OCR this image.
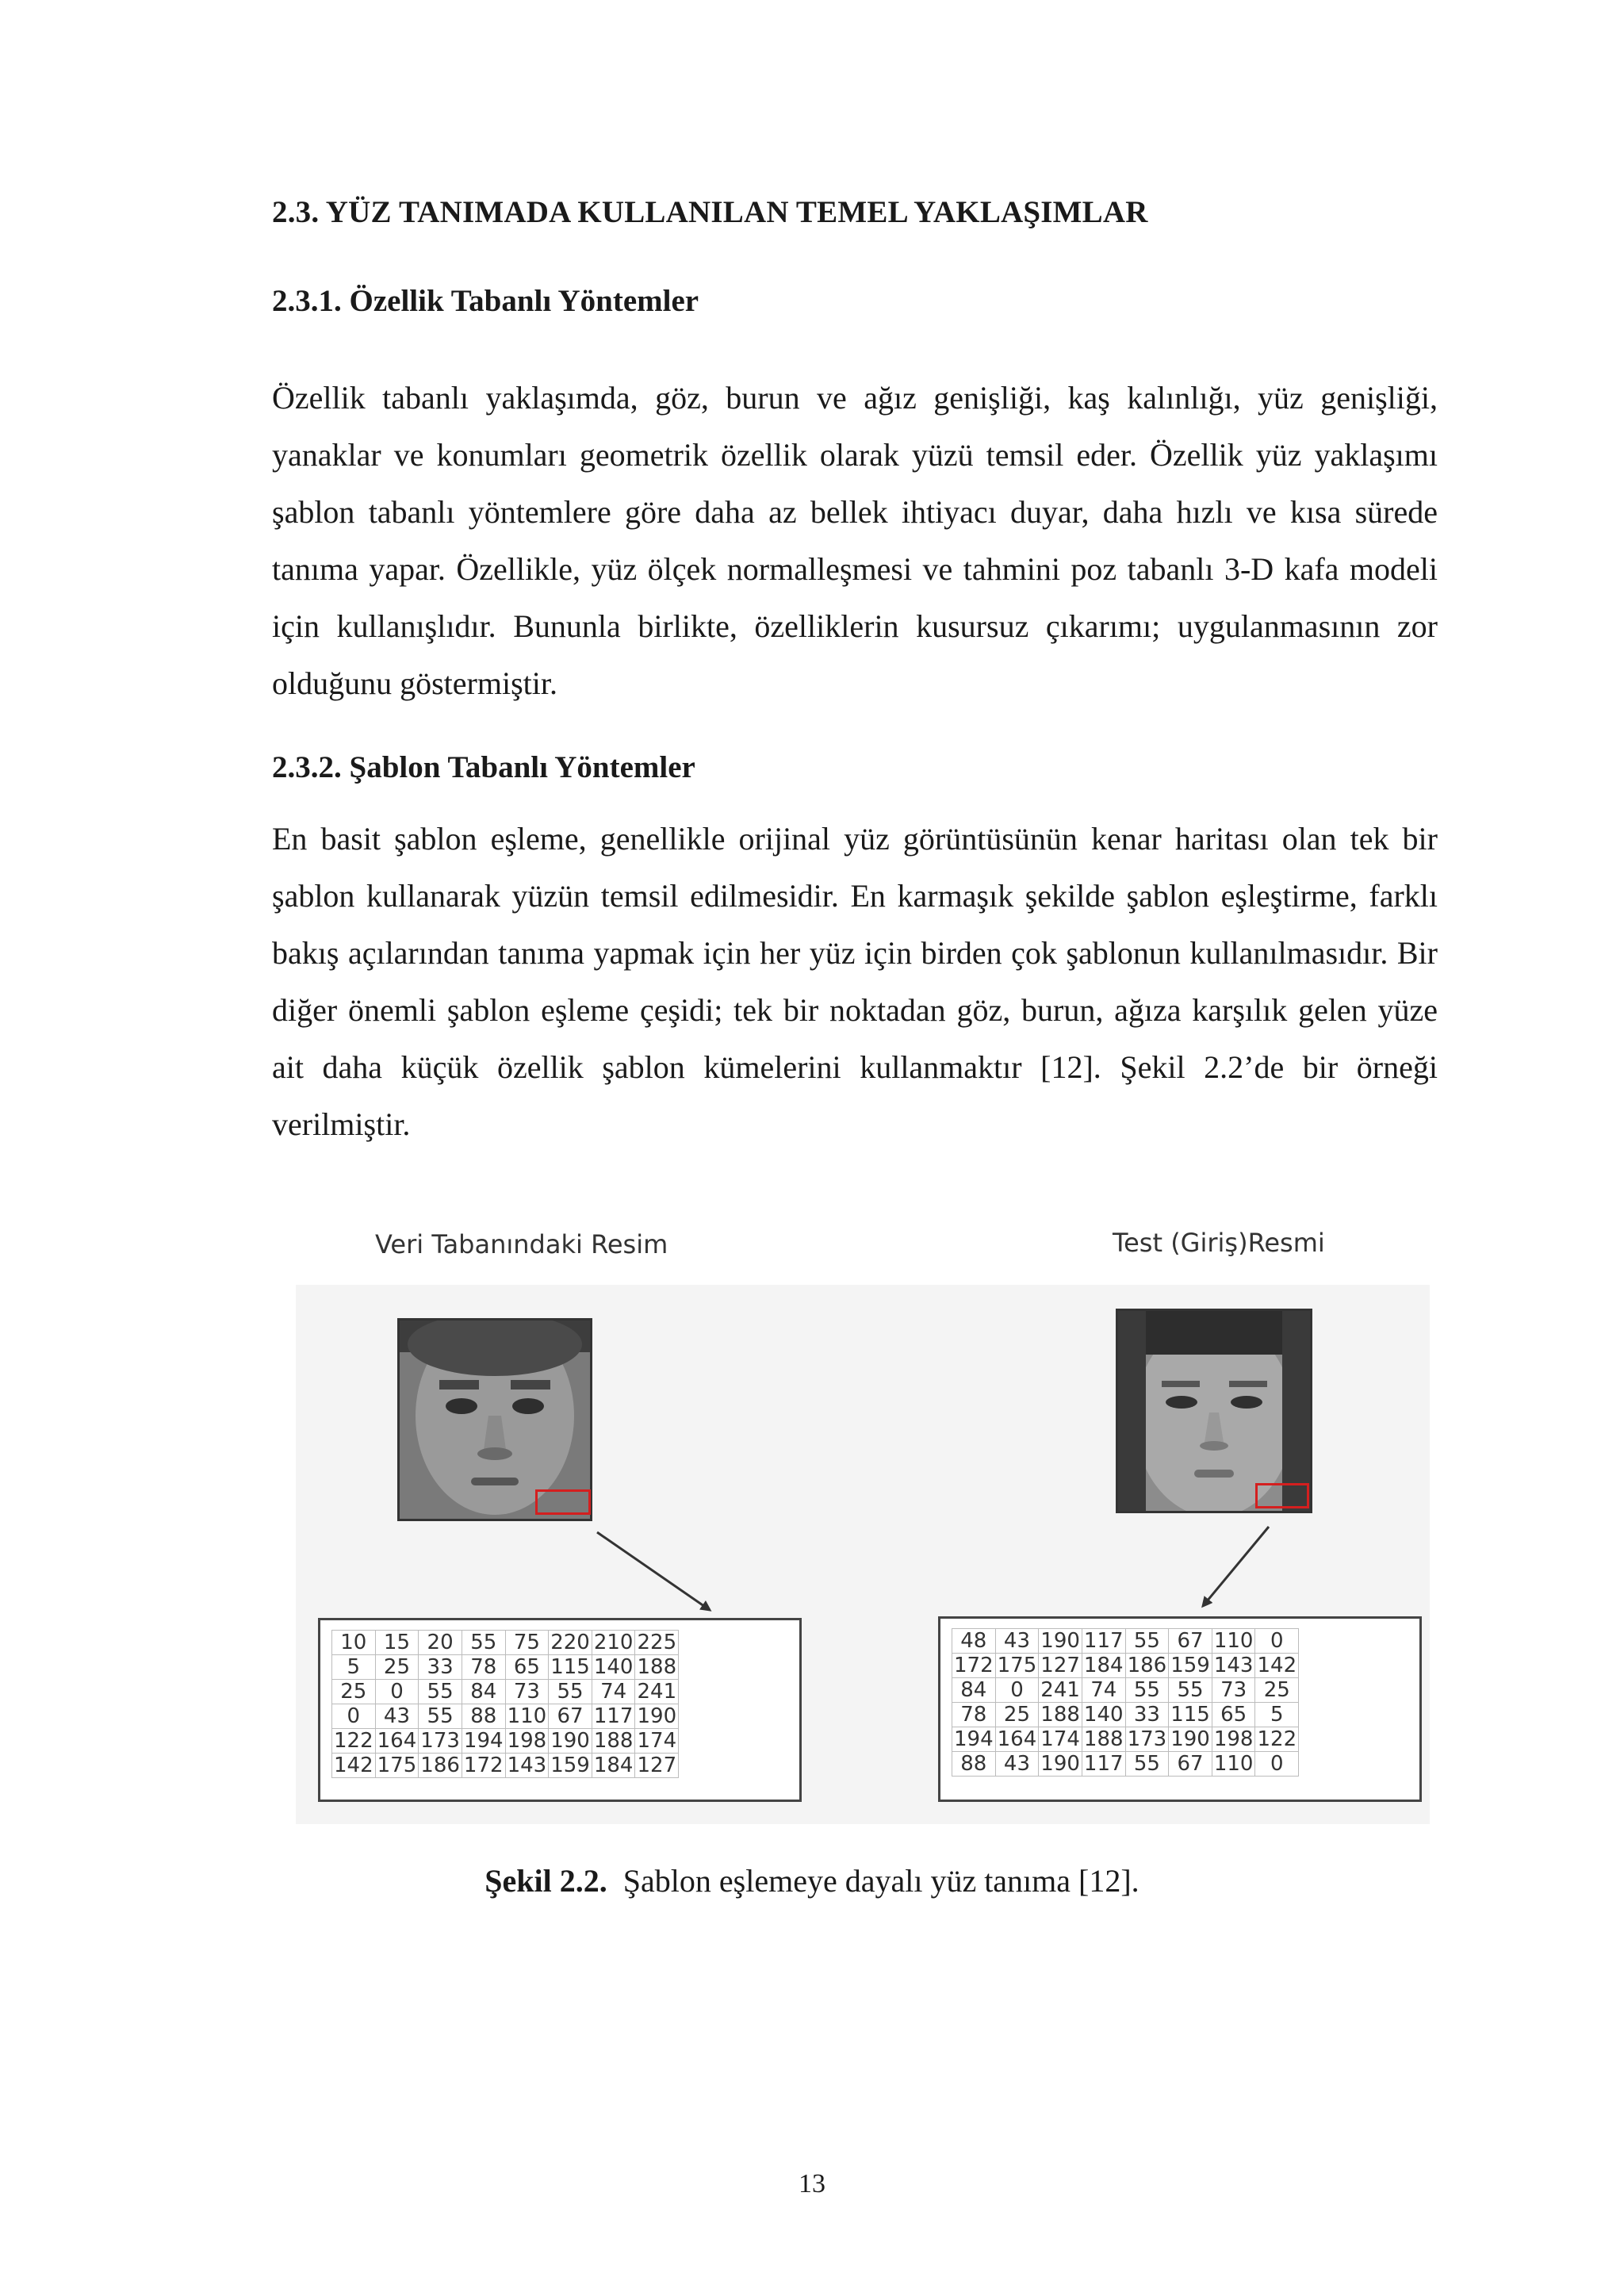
2.3. YÜZ TANIMADA KULLANILAN TEMEL YAKLAŞIMLAR
2.3.1. Özellik Tabanlı Yöntemler

Özellik tabanlı yaklaşımda, göz, burun ve ağız genişliği, kaş kalınlığı, yüz genişliği, yanaklar ve konumları geometrik özellik olarak yüzü temsil eder. Özellik yüz yaklaşımı şablon tabanlı yöntemlere göre daha az bellek ihtiyacı duyar, daha hızlı ve kısa sürede tanıma yapar. Özellikle, yüz ölçek normalleşmesi ve tahmini poz tabanlı 3-D kafa modeli için kullanışlıdır. Bununla birlikte, özelliklerin kusursuz çıkarımı; uygulanmasının zor olduğunu göstermiştir.

2.3.2. Şablon Tabanlı Yöntemler

En basit şablon eşleme, genellikle orijinal yüz görüntüsünün kenar haritası olan tek bir şablon kullanarak yüzün temsil edilmesidir. En karmaşık şekilde şablon eşleştirme, farklı bakış açılarından tanıma yapmak için her yüz için birden çok şablonun kullanılmasıdır. Bir diğer önemli şablon eşleme çeşidi; tek bir noktadan göz, burun, ağıza karşılık gelen yüze ait daha küçük özellik şablon kümelerini kullanmaktır [12]. Şekil 2.2’de bir örneği verilmiştir.

Veri Tabanındaki Resim	Test (Giriş)Resmi
10	15	20	55	75	220	210	225
5	25	33	78	65	115	140	188
25	0	55	84	73	55	74	241
0	43	55	88	110	67	117	190
122	164	173	194	198	190	188	174
142	175	186	172	143	159	184	127
48	43	190	117	55	67	110	0
172	175	127	184	186	159	143	142
84	0	241	74	55	55	73	25
78	25	188	140	33	115	65	5
194	164	174	188	173	190	198	122
88	43	190	117	55	67	110	0

Şekil 2.2.  Şablon eşlemeye dayalı yüz tanıma [12].

13
